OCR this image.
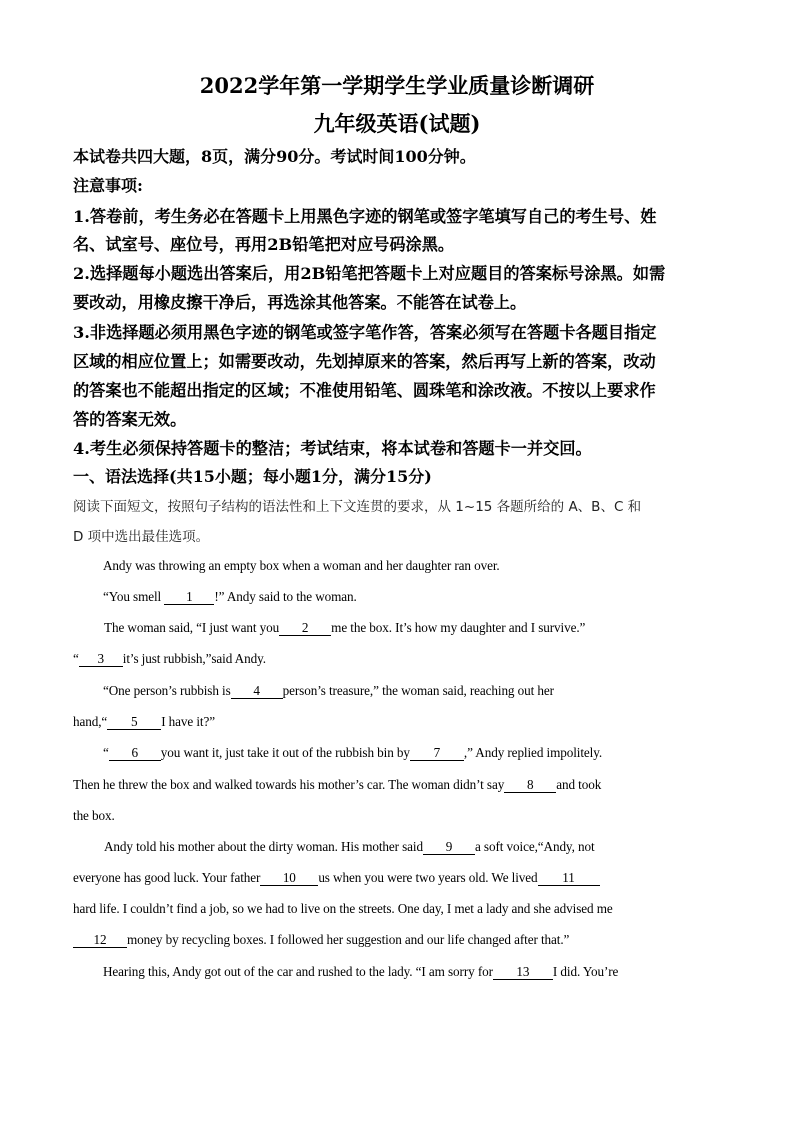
2022学年第一学期学生学业质量诊断调研
九年级英语(试题)
本试卷共四大题，8页，满分90分。考试时间100分钟。
注意事项:
1.答卷前，考生务必在答题卡上用黑色字迹的钢笔或签字笔填写自己的考生号、姓
名、试室号、座位号，再用2B铅笔把对应号码涂黑。
2.选择题每小题选出答案后，用2B铅笔把答题卡上对应题目的答案标号涂黑。如需
要改动，用橡皮擦干净后，再选涂其他答案。不能答在试卷上。
3.非选择题必须用黑色字迹的钢笔或签字笔作答，答案必须写在答题卡各题目指定
区域的相应位置上；如需要改动，先划掉原来的答案，然后再写上新的答案，改动
的答案也不能超出指定的区域；不准使用铅笔、圆珠笔和涂改液。不按以上要求作
答的答案无效。
4.考生必须保持答题卡的整洁；考试结束，将本试卷和答题卡一并交回。
一、语法选择(共15小题；每小题1分，满分15分)
阅读下面短文，按照句子结构的语法性和上下文连贯的要求，从 1~15 各题所给的 A、B、C 和
D 项中选出最佳选项。
Andy was throwing an empty box when a woman and her daughter ran over.
“You smell 1 !” Andy said to the woman.
The woman said, “I just want you 2 me the box. It’s how my daughter and I survive.”
“ 3 it’s just rubbish,”said Andy.
“One person’s rubbish is 4 person’s treasure,” the woman said, reaching out her
hand,“ 5 I have it?”
“ 6 you want it, just take it out of the rubbish bin by 7 ,” Andy replied impolitely.
Then he threw the box and walked towards his mother’s car. The woman didn’t say 8 and took
the box.
Andy told his mother about the dirty woman. His mother said 9 a soft voice,“Andy, not
everyone has good luck. Your father 10 us when you were two years old. We lived 11
hard life. I couldn’t find a job, so we had to live on the streets. One day, I met a lady and she advised me
12 money by recycling boxes. I followed her suggestion and our life changed after that.”
Hearing this, Andy got out of the car and rushed to the lady. “I am sorry for 13 I did. You’re
